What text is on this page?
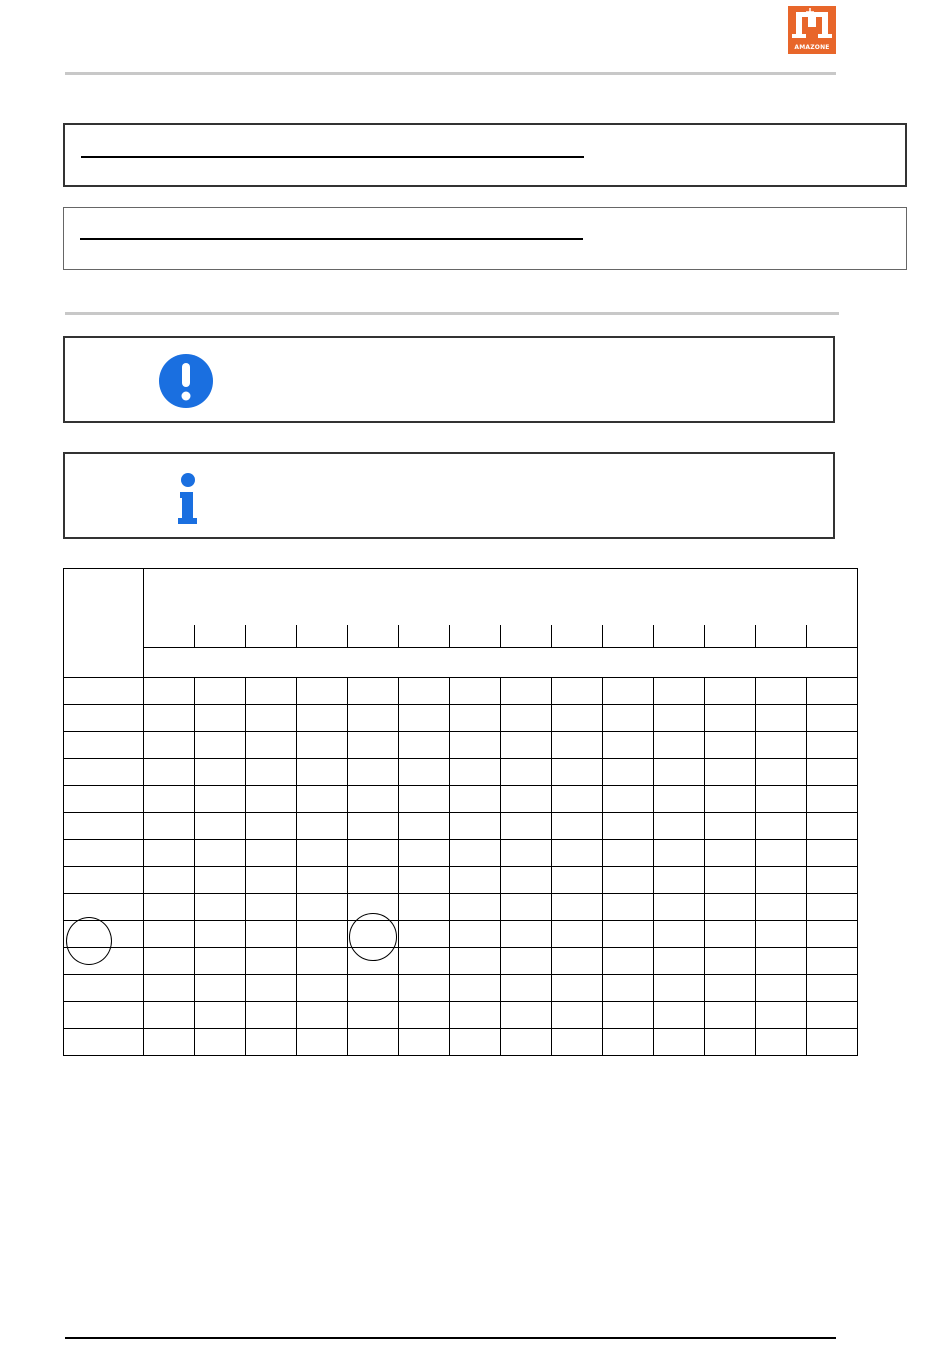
AMAZONE
